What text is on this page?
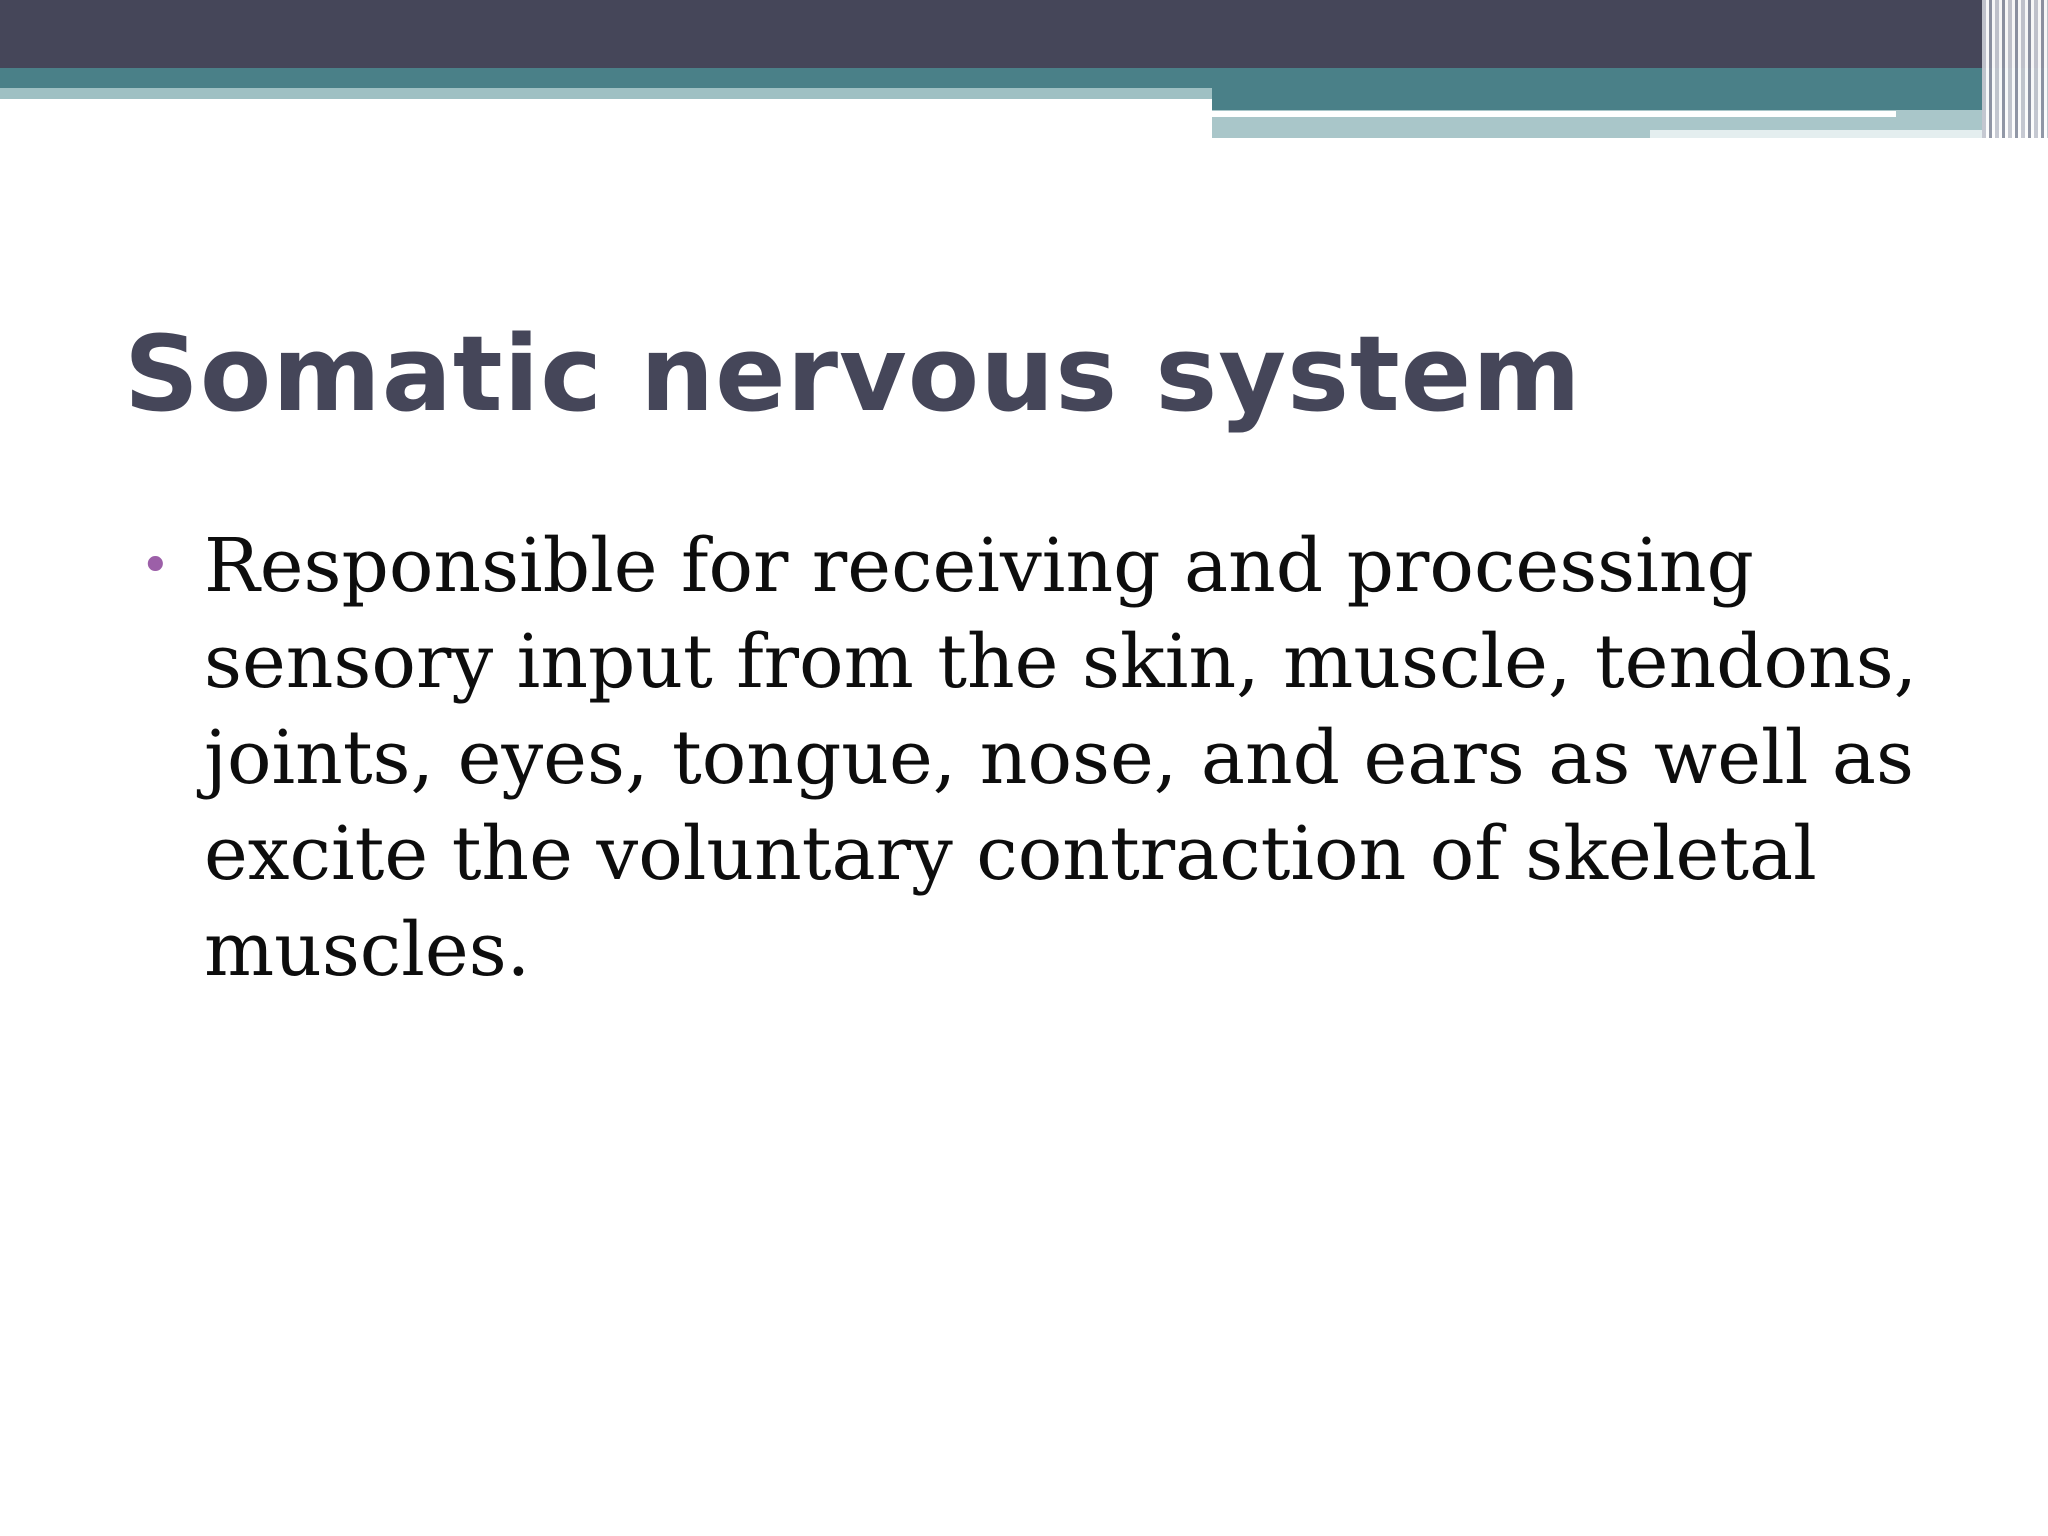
Somatic nervous system
• Responsible for receiving and processing sensory input from the skin, muscle, tendons, joints, eyes, tongue, nose, and ears as well as excite the voluntary contraction of skeletal muscles.
